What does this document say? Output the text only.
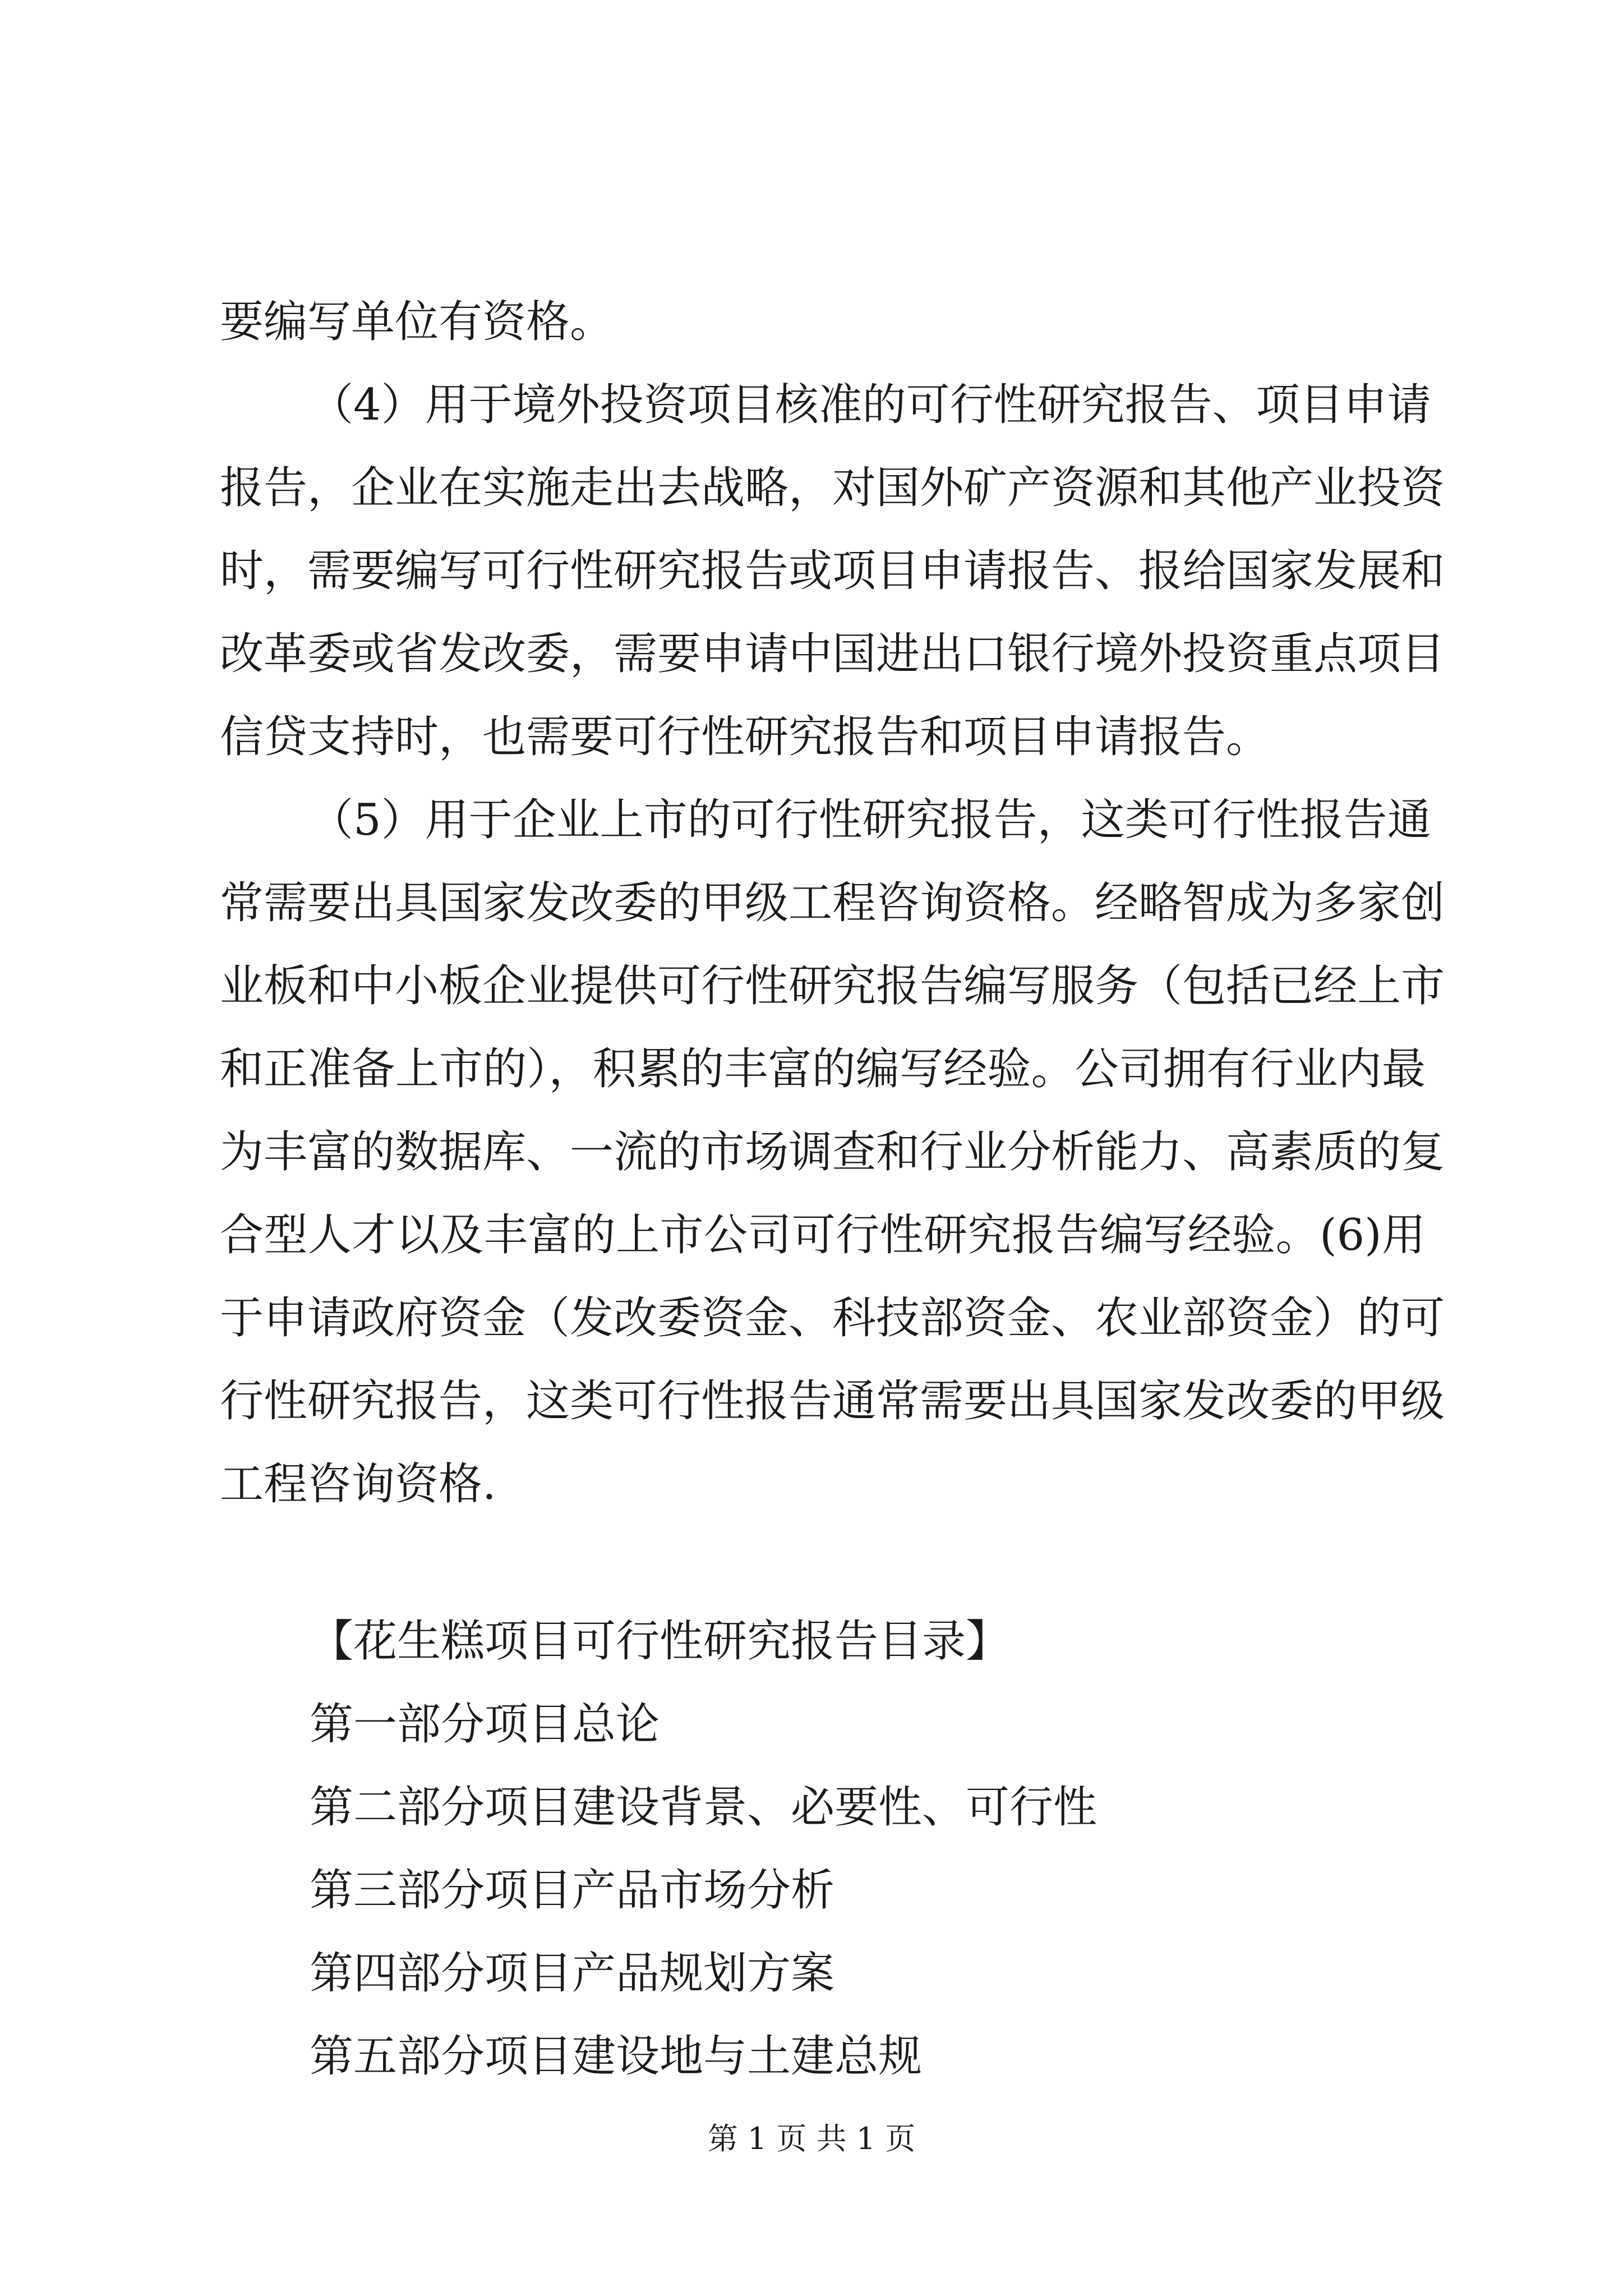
要编写单位有资格。
（4）用于境外投资项目核准的可行性研究报告、项目申请
报告，企业在实施走出去战略，对国外矿产资源和其他产业投资
时，需要编写可行性研究报告或项目申请报告、报给国家发展和
改革委或省发改委，需要申请中国进出口银行境外投资重点项目
信贷支持时，也需要可行性研究报告和项目申请报告。
（5）用于企业上市的可行性研究报告，这类可行性报告通
常需要出具国家发改委的甲级工程咨询资格。经略智成为多家创
业板和中小板企业提供可行性研究报告编写服务（包括已经上市
和正准备上市的），积累的丰富的编写经验。公司拥有行业内最
为丰富的数据库、一流的市场调查和行业分析能力、高素质的复
合型人才以及丰富的上市公司可行性研究报告编写经验。(6)用
于申请政府资金（发改委资金、科技部资金、农业部资金）的可
行性研究报告，这类可行性报告通常需要出具国家发改委的甲级
工程咨询资格.
【花生糕项目可行性研究报告目录】
第一部分项目总论
第二部分项目建设背景、必要性、可行性
第三部分项目产品市场分析
第四部分项目产品规划方案
第五部分项目建设地与土建总规
第 1 页 共 1 页
